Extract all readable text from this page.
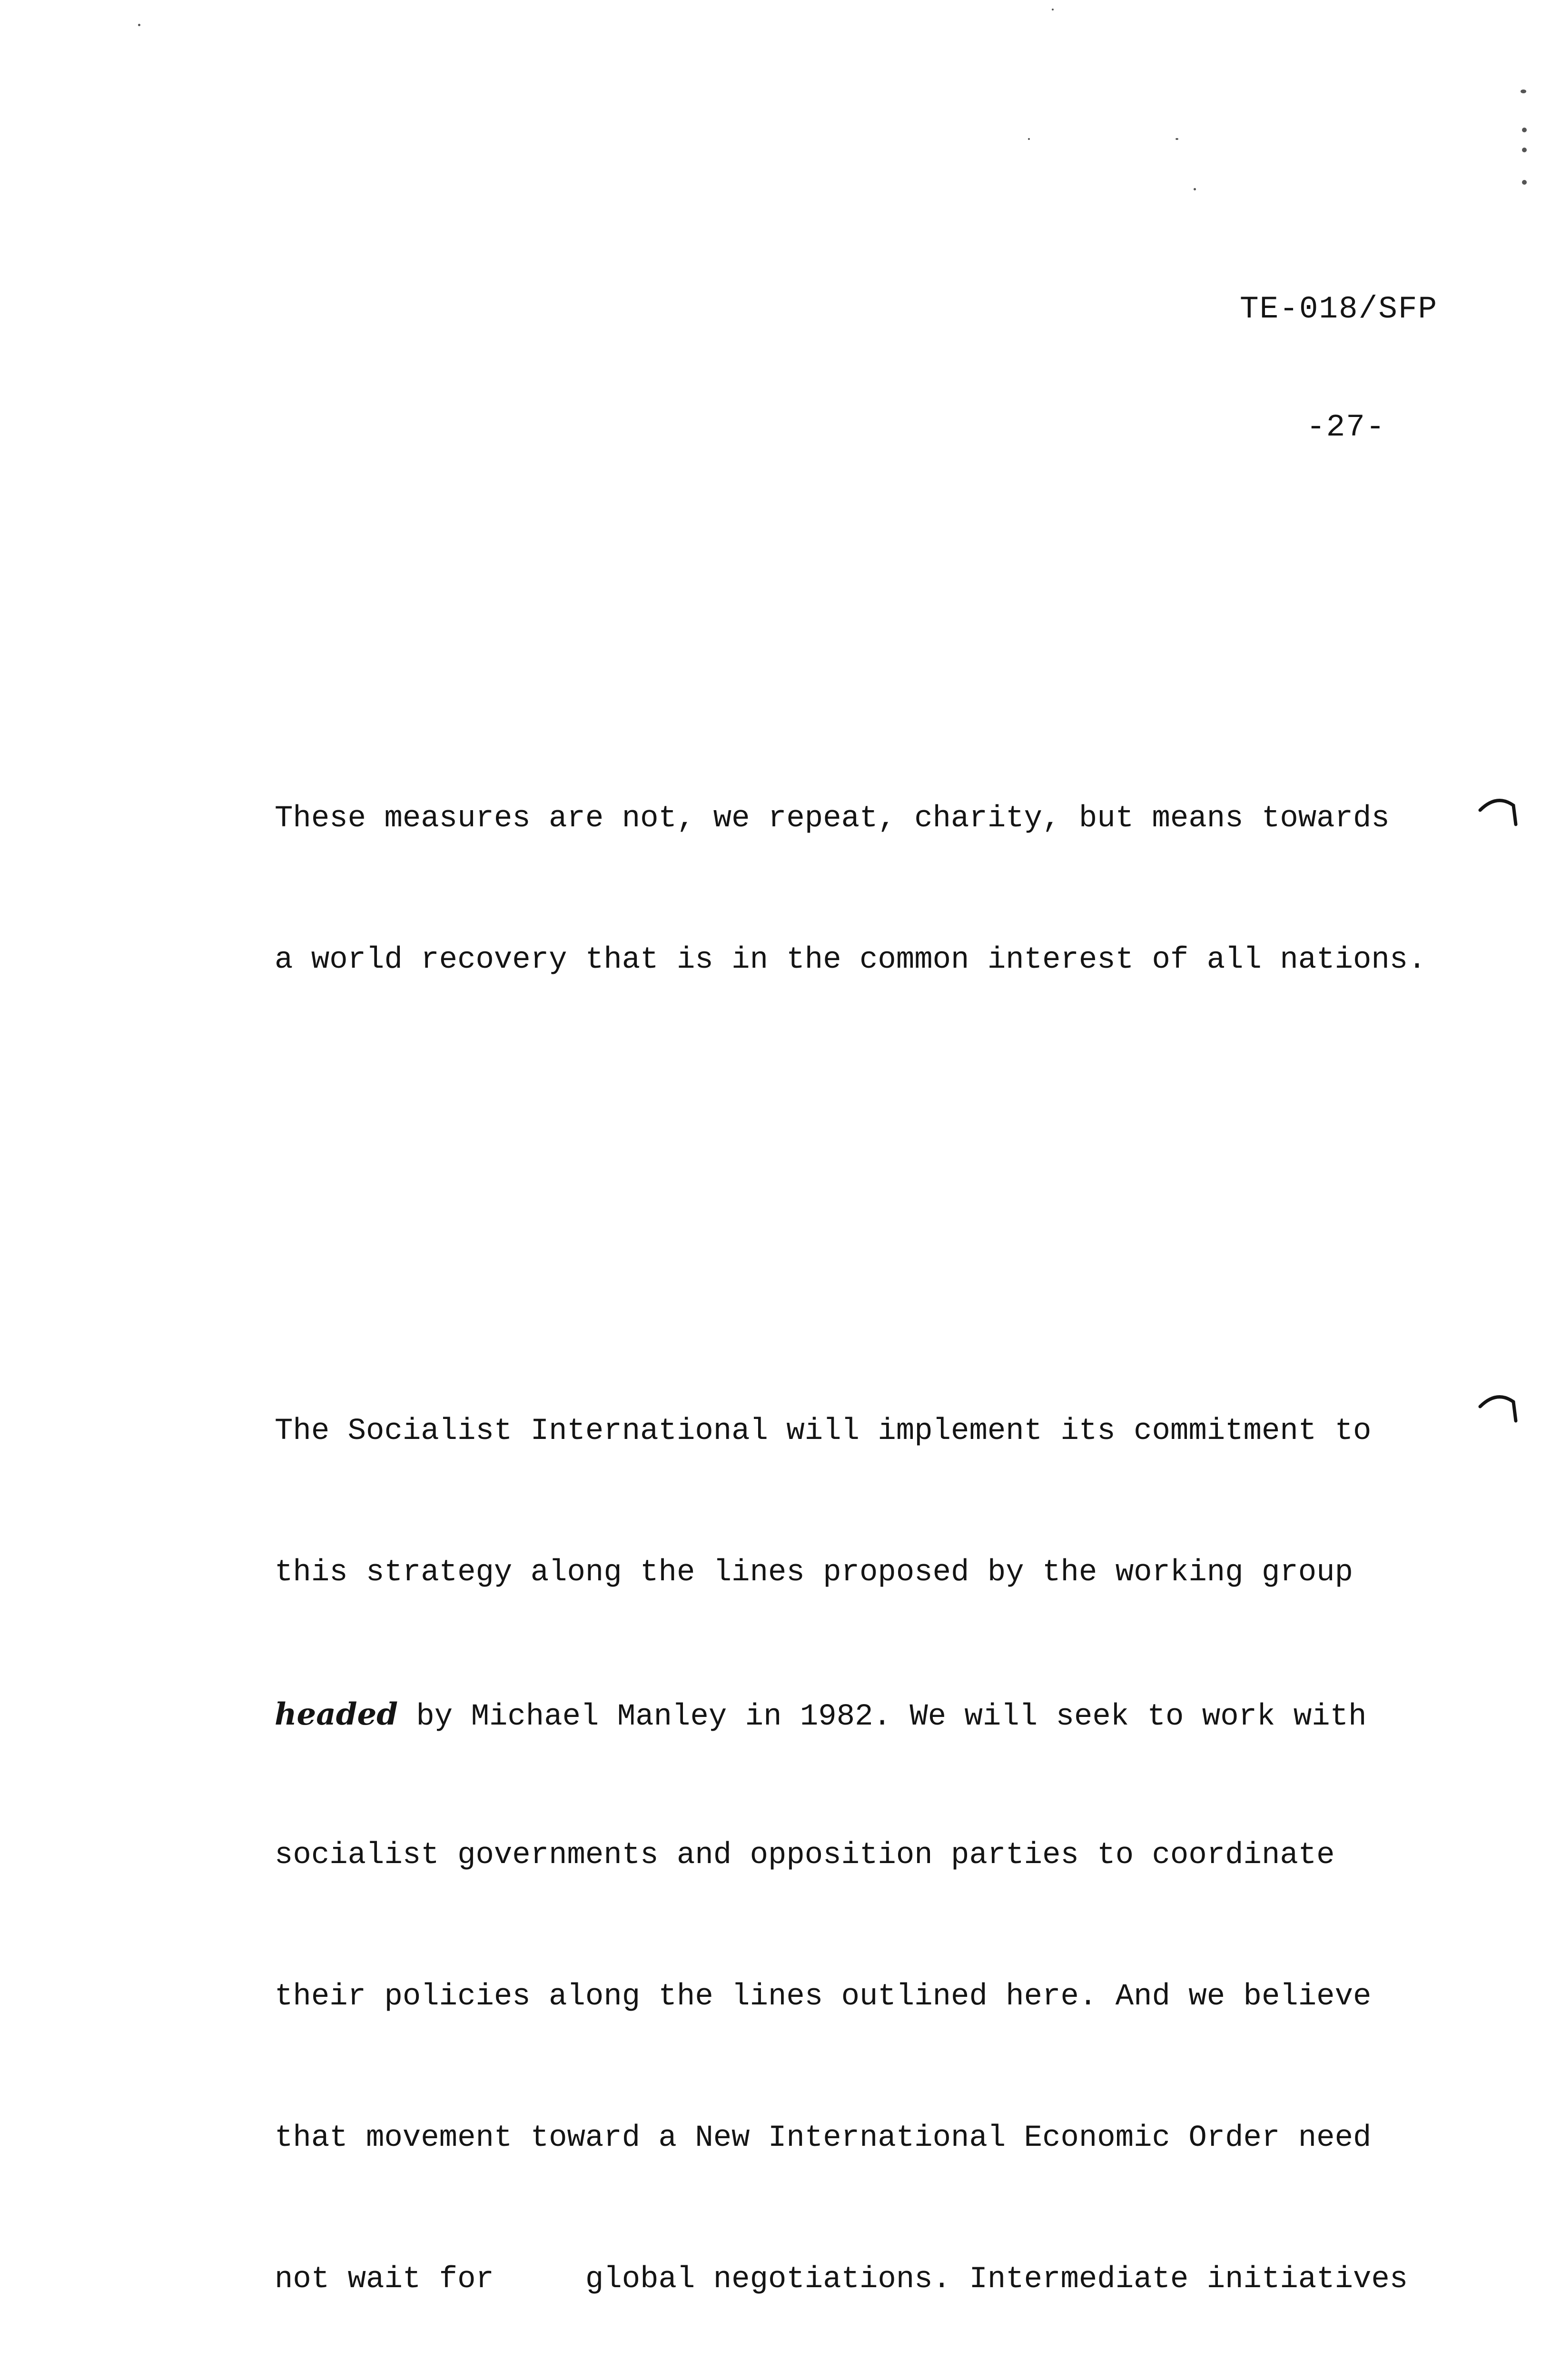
TE-018/SFP
-27-

These measures are not, we repeat, charity, but means towards

a world recovery that is in the common interest of all nations.

The Socialist International will implement its commitment to

this strategy along the lines proposed by the working group

headed by Michael Manley in 1982. We will seek to work with

socialist governments and opposition parties to coordinate

their policies along the lines outlined here. And we believe

that movement toward a New International Economic Order need

not wait for     global negotiations. Intermediate initiatives
